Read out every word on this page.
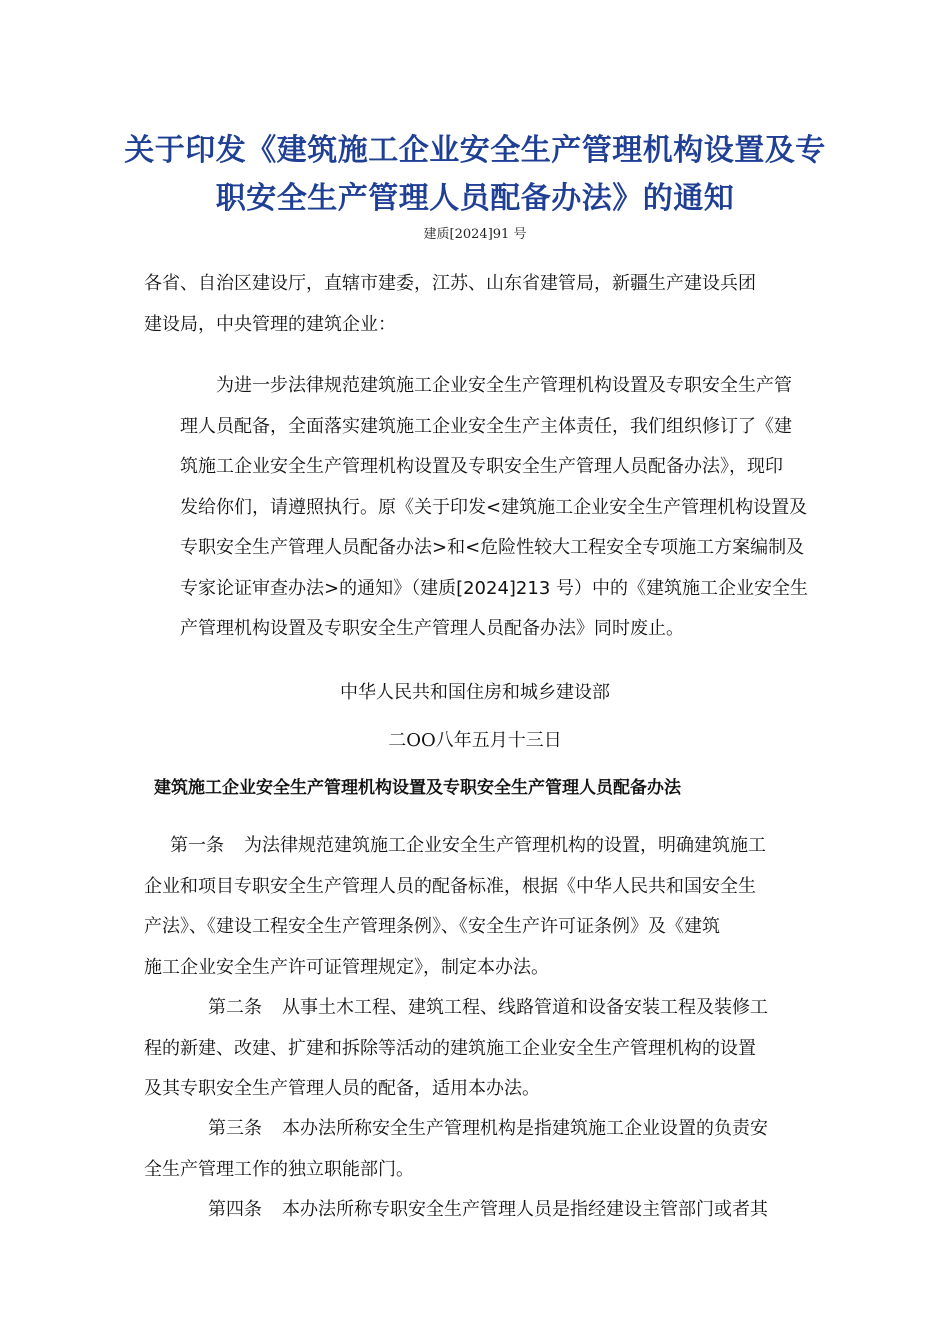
关于印发《建筑施工企业安全生产管理机构设置及专
职安全生产管理人员配备办法》的通知
建质[2024]91 号

各省、自治区建设厅，直辖市建委，江苏、山东省建管局，新疆生产建设兵团
建设局，中央管理的建筑企业：

为进一步法律规范建筑施工企业安全生产管理机构设置及专职安全生产管
理人员配备，全面落实建筑施工企业安全生产主体责任，我们组织修订了《建
筑施工企业安全生产管理机构设置及专职安全生产管理人员配备办法》，现印
发给你们，请遵照执行。原《关于印发<建筑施工企业安全生产管理机构设置及
专职安全生产管理人员配备办法>和<危险性较大工程安全专项施工方案编制及
专家论证审查办法>的通知》（建质[2024]213 号）中的《建筑施工企业安全生
产管理机构设置及专职安全生产管理人员配备办法》同时废止。

中华人民共和国住房和城乡建设部
二OO八年五月十三日
建筑施工企业安全生产管理机构设置及专职安全生产管理人员配备办法
第一条 为法律规范建筑施工企业安全生产管理机构的设置，明确建筑施工
企业和项目专职安全生产管理人员的配备标准，根据《中华人民共和国安全生
产法》、《建设工程安全生产管理条例》、《安全生产许可证条例》及《建筑
施工企业安全生产许可证管理规定》，制定本办法。
第二条 从事土木工程、建筑工程、线路管道和设备安装工程及装修工
程的新建、改建、扩建和拆除等活动的建筑施工企业安全生产管理机构的设置
及其专职安全生产管理人员的配备，适用本办法。
第三条 本办法所称安全生产管理机构是指建筑施工企业设置的负责安
全生产管理工作的独立职能部门。
第四条 本办法所称专职安全生产管理人员是指经建设主管部门或者其
